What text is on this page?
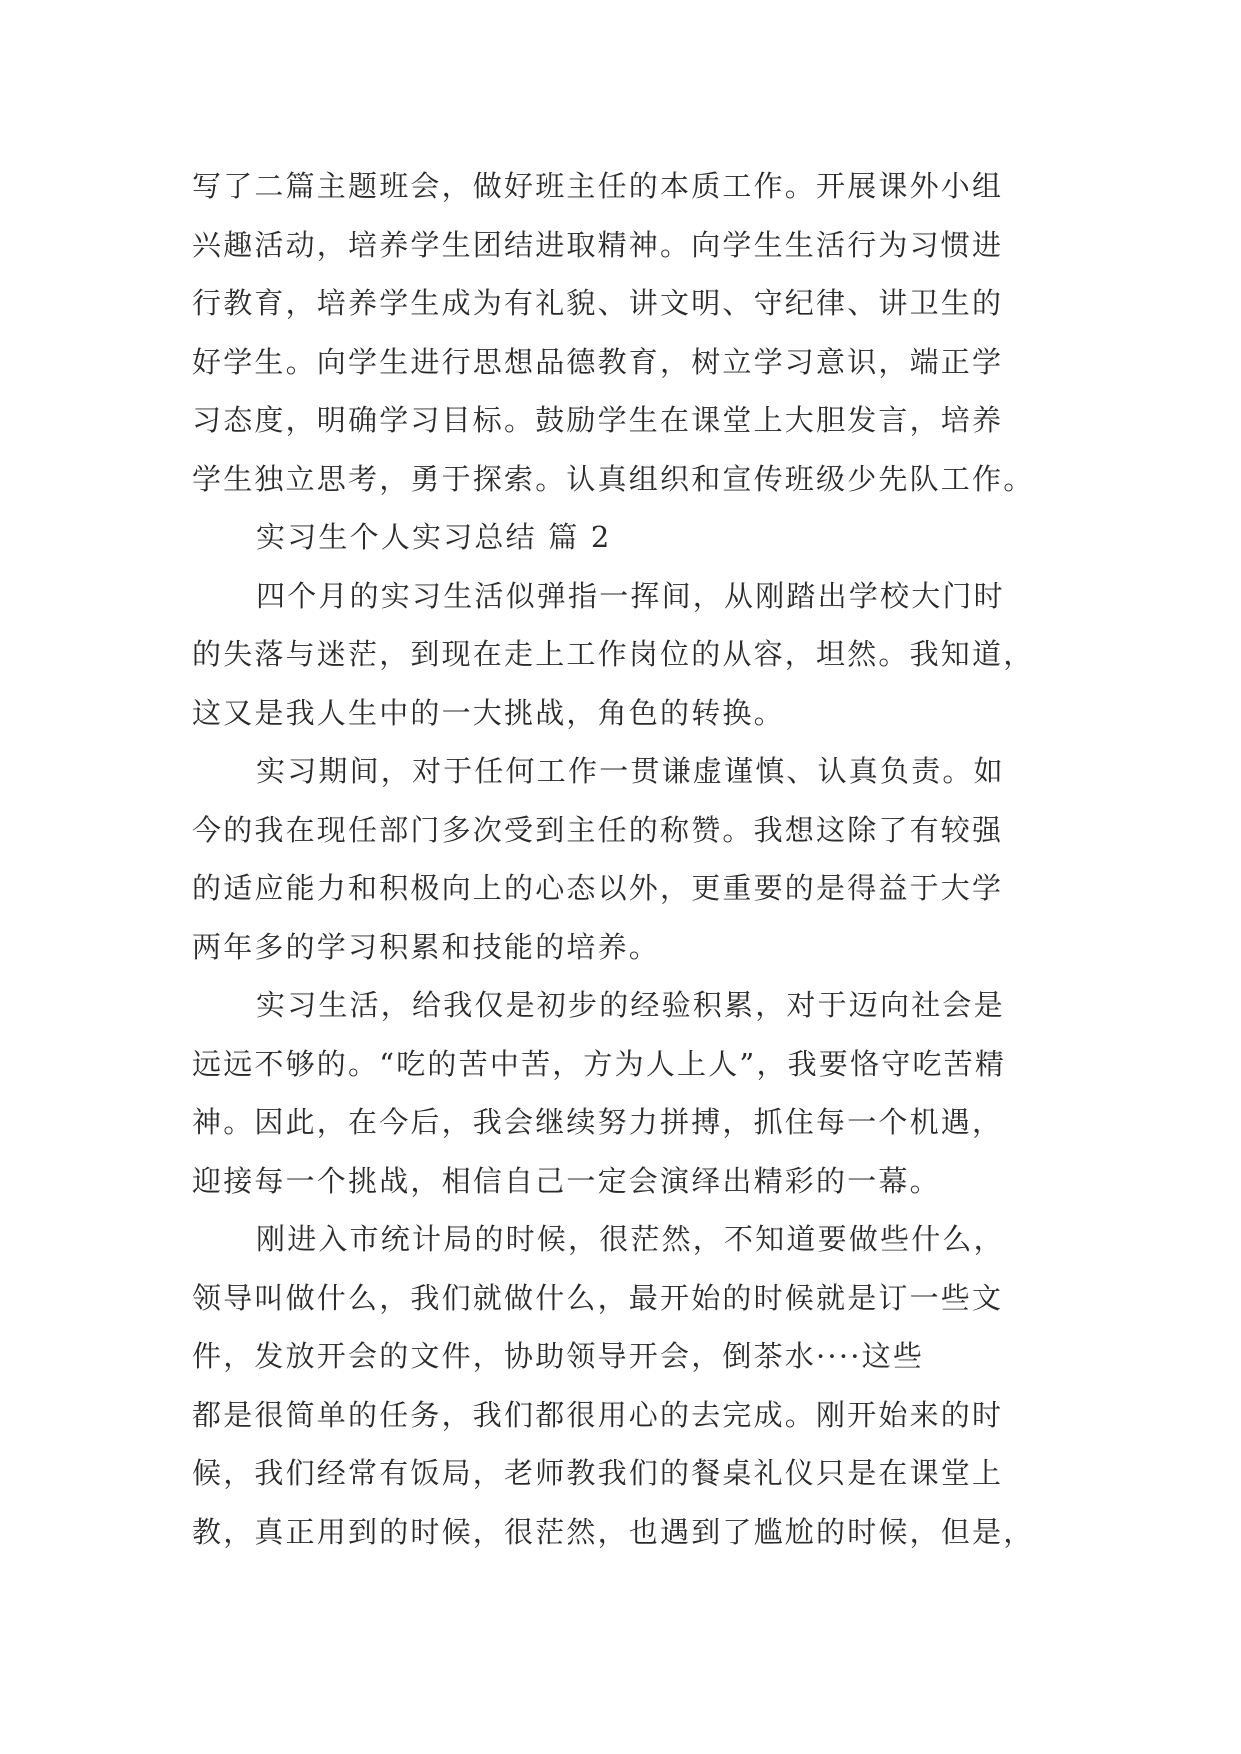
写了二篇主题班会，做好班主任的本质工作。开展课外小组
兴趣活动，培养学生团结进取精神。向学生生活行为习惯进
行教育，培养学生成为有礼貌、讲文明、守纪律、讲卫生的
好学生。向学生进行思想品德教育，树立学习意识，端正学
习态度，明确学习目标。鼓励学生在课堂上大胆发言，培养
学生独立思考，勇于探索。认真组织和宣传班级少先队工作。
实习生个人实习总结 篇 2
四个月的实习生活似弹指一挥间，从刚踏出学校大门时
的失落与迷茫，到现在走上工作岗位的从容，坦然。我知道，
这又是我人生中的一大挑战，角色的转换。
实习期间，对于任何工作一贯谦虚谨慎、认真负责。如
今的我在现任部门多次受到主任的称赞。我想这除了有较强
的适应能力和积极向上的心态以外，更重要的是得益于大学
两年多的学习积累和技能的培养。
实习生活，给我仅是初步的经验积累，对于迈向社会是
远远不够的。“吃的苦中苦，方为人上人”，我要恪守吃苦精
神。因此，在今后，我会继续努力拼搏，抓住每一个机遇，
迎接每一个挑战，相信自己一定会演绎出精彩的一幕。
刚进入市统计局的时候，很茫然，不知道要做些什么，
领导叫做什么，我们就做什么，最开始的时候就是订一些文
件，发放开会的文件，协助领导开会，倒茶水····这些
都是很简单的任务，我们都很用心的去完成。刚开始来的时
候，我们经常有饭局，老师教我们的餐桌礼仪只是在课堂上
教，真正用到的时候，很茫然，也遇到了尴尬的时候，但是，
